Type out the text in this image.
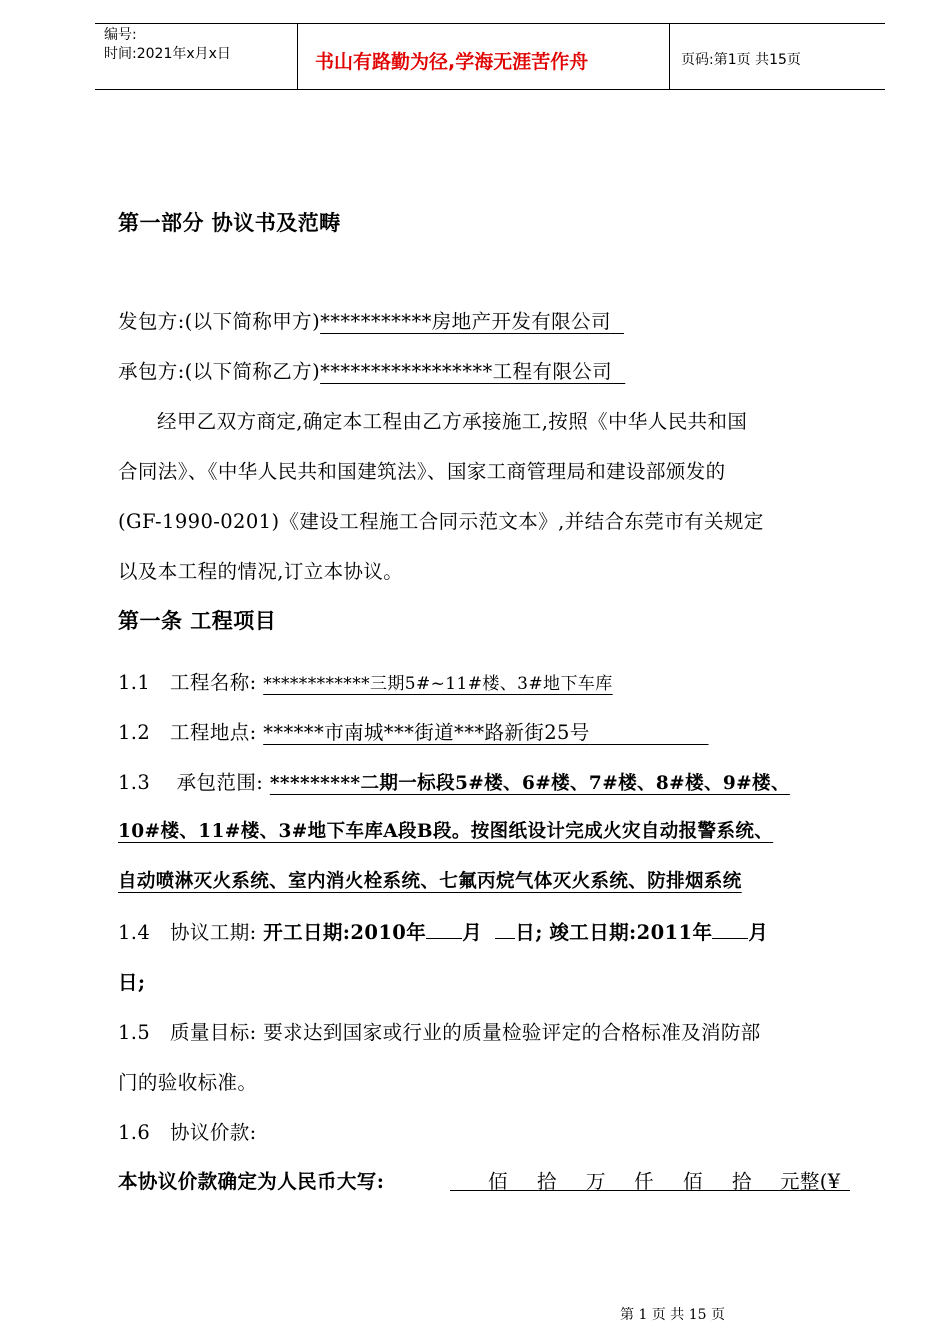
编号:
时间:2021年x月x日	书山有路勤为径,学海无涯苦作舟	页码:第1页 共15页
第一部分 协议书及范畴
发包方:(以下简称甲方)***********房地产开发有限公司
承包方:(以下简称乙方)*****************工程有限公司
经甲乙双方商定,确定本工程由乙方承接施工,按照《中华人民共和国
合同法》、《中华人民共和国建筑法》、国家工商管理局和建设部颁发的
(GF-1990-0201)《建设工程施工合同示范文本》,并结合东莞市有关规定
以及本工程的情况,订立本协议。
第一条 工程项目
1.1 工程名称: ************三期5#~11#楼、3#地下车库
1.2 工程地点: ******市南城***街道***路新街25号
1.3 承包范围: *********二期一标段5#楼、6#楼、7#楼、8#楼、9#楼、
10#楼、11#楼、3#地下车库A段B段。按图纸设计完成火灾自动报警系统、
自动喷淋灭火系统、室内消火栓系统、七氟丙烷气体灭火系统、防排烟系统
1.4 协议工期: 开工日期:2010年 月 日; 竣工日期:2011年 月
日;
1.5 质量目标: 要求达到国家或行业的质量检验评定的合格标准及消防部
门的验收标准。
1.6 协议价款:
本协议价款确定为人民币大写:	佰 拾 万 仟 佰 拾 元整(¥
第 1 页 共 15 页
